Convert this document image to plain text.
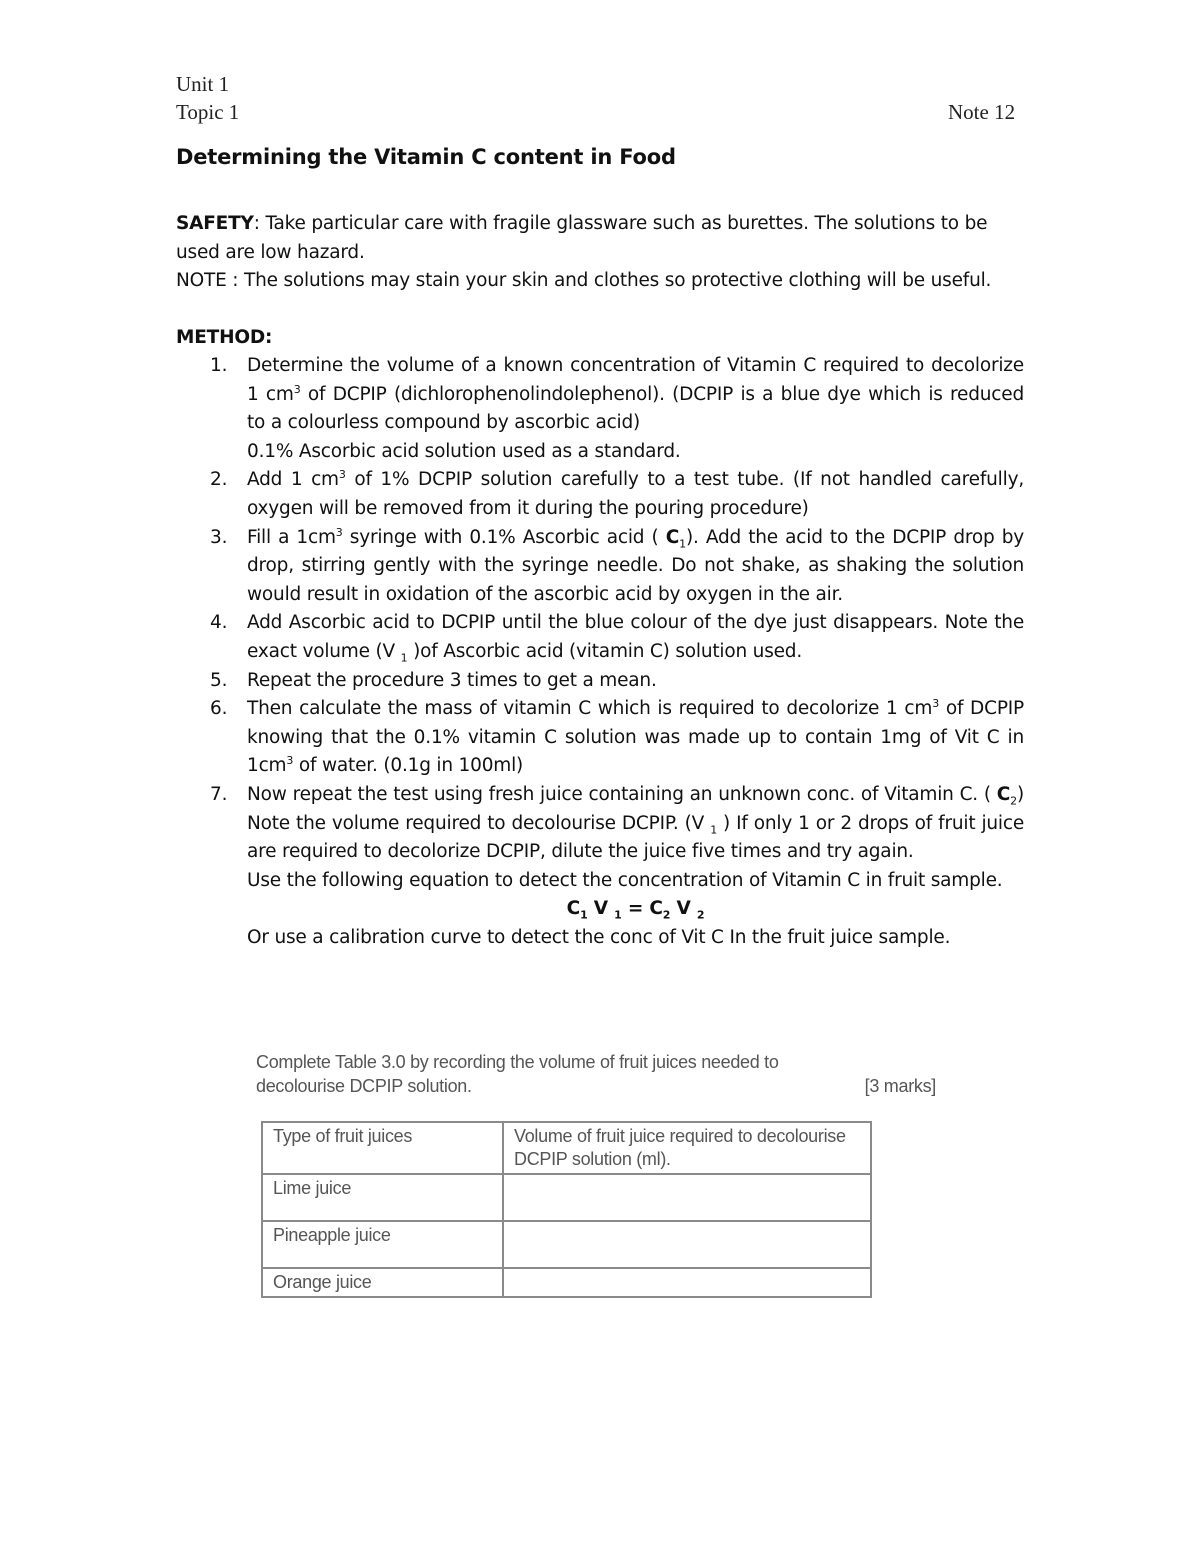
Unit 1
Topic 1	Note 12
Determining the Vitamin C content in Food
SAFETY: Take particular care with fragile glassware such as burettes. The solutions to be used are low hazard.
NOTE : The solutions may stain your skin and clothes so protective clothing will be useful.
METHOD:
1. Determine the volume of a known concentration of Vitamin C required to decolorize 1 $cm^3$ of DCPIP (dichlorophenolindolephenol). (DCPIP is a blue dye which is reduced to a colourless compound by ascorbic acid)
0.1% Ascorbic acid solution used as a standard.
2. Add 1 $cm^3$ of 1% DCPIP solution carefully to a test tube. (If not handled carefully, oxygen will be removed from it during the pouring procedure)
3. Fill a $1cm^3$ syringe with 0.1% Ascorbic acid ( $C_1$). Add the acid to the DCPIP drop by drop, stirring gently with the syringe needle. Do not shake, as shaking the solution would result in oxidation of the ascorbic acid by oxygen in the air.
4. Add Ascorbic acid to DCPIP until the blue colour of the dye just disappears. Note the exact volume (V $_1$ )of Ascorbic acid (vitamin C) solution used.
5. Repeat the procedure 3 times to get a mean.
6. Then calculate the mass of vitamin C which is required to decolorize 1 $cm^3$ of DCPIP knowing that the 0.1% vitamin C solution was made up to contain 1mg of Vit C in $1cm^3$ of water. (0.1g in 100ml)
7. Now repeat the test using fresh juice containing an unknown conc. of Vitamin C. ( $C_2$) Note the volume required to decolourise DCPIP. (V $_1$ ) If only 1 or 2 drops of fruit juice are required to decolorize DCPIP, dilute the juice five times and try again.
Use the following equation to detect the concentration of Vitamin C in fruit sample.
$C_1$ V $_1 = C_2$ V $_2$
Or use a calibration curve to detect the conc of Vit C In the fruit juice sample.
Complete Table 3.0 by recording the volume of fruit juices needed to
decolourise DCPIP solution.	[3 marks]
Type of fruit juices	Volume of fruit juice required to decolourise DCPIP solution (ml).
Lime juice	
Pineapple juice	
Orange juice	
